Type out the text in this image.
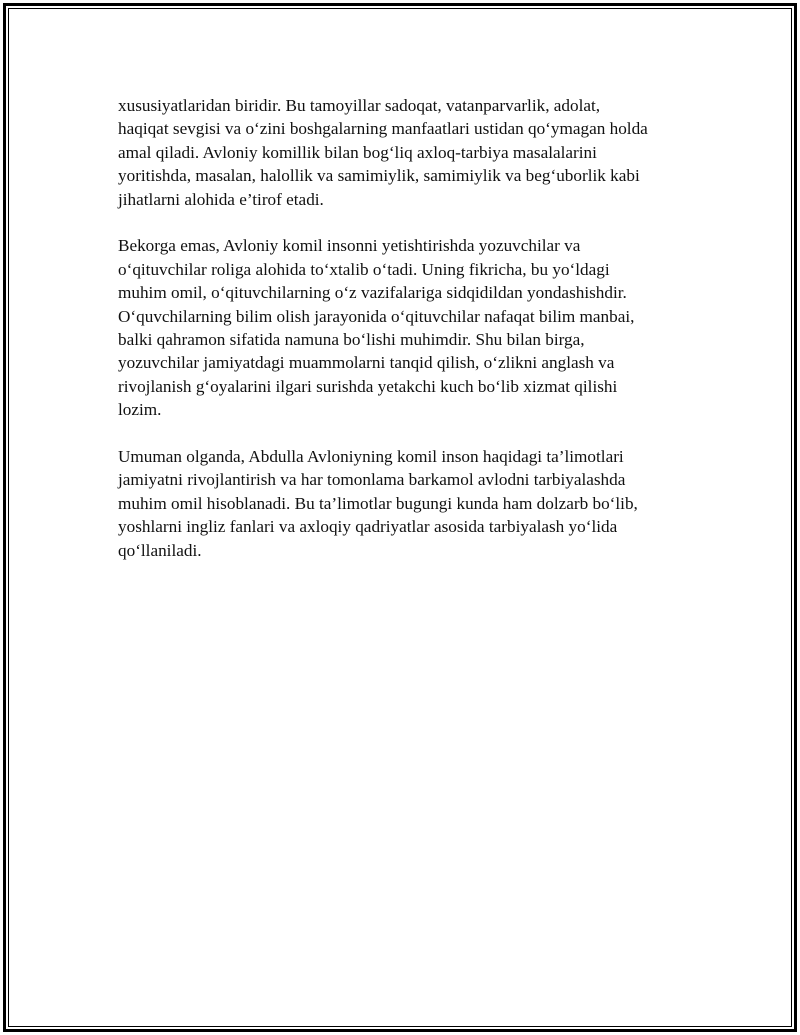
xususiyatlaridan biridir. Bu tamoyillar sadoqat, vatanparvarlik, adolat,
haqiqat sevgisi va o‘zini boshgalarning manfaatlari ustidan qo‘ymagan holda
amal qiladi. Avloniy komillik bilan bog‘liq axloq-tarbiya masalalarini
yoritishda, masalan, halollik va samimiylik, samimiylik va beg‘uborlik kabi
jihatlarni alohida e’tirof etadi.

Bekorga emas, Avloniy komil insonni yetishtirishda yozuvchilar va
o‘qituvchilar roliga alohida to‘xtalib o‘tadi. Uning fikricha, bu yo‘ldagi
muhim omil, o‘qituvchilarning o‘z vazifalariga sidqidildan yondashishdir.
O‘quvchilarning bilim olish jarayonida o‘qituvchilar nafaqat bilim manbai,
balki qahramon sifatida namuna bo‘lishi muhimdir. Shu bilan birga,
yozuvchilar jamiyatdagi muammolarni tanqid qilish, o‘zlikni anglash va
rivojlanish g‘oyalarini ilgari surishda yetakchi kuch bo‘lib xizmat qilishi
lozim.

Umuman olganda, Abdulla Avloniyning komil inson haqidagi ta’limotlari
jamiyatni rivojlantirish va har tomonlama barkamol avlodni tarbiyalashda
muhim omil hisoblanadi. Bu ta’limotlar bugungi kunda ham dolzarb bo‘lib,
yoshlarni ingliz fanlari va axloqiy qadriyatlar asosida tarbiyalash yo‘lida
qo‘llaniladi.
